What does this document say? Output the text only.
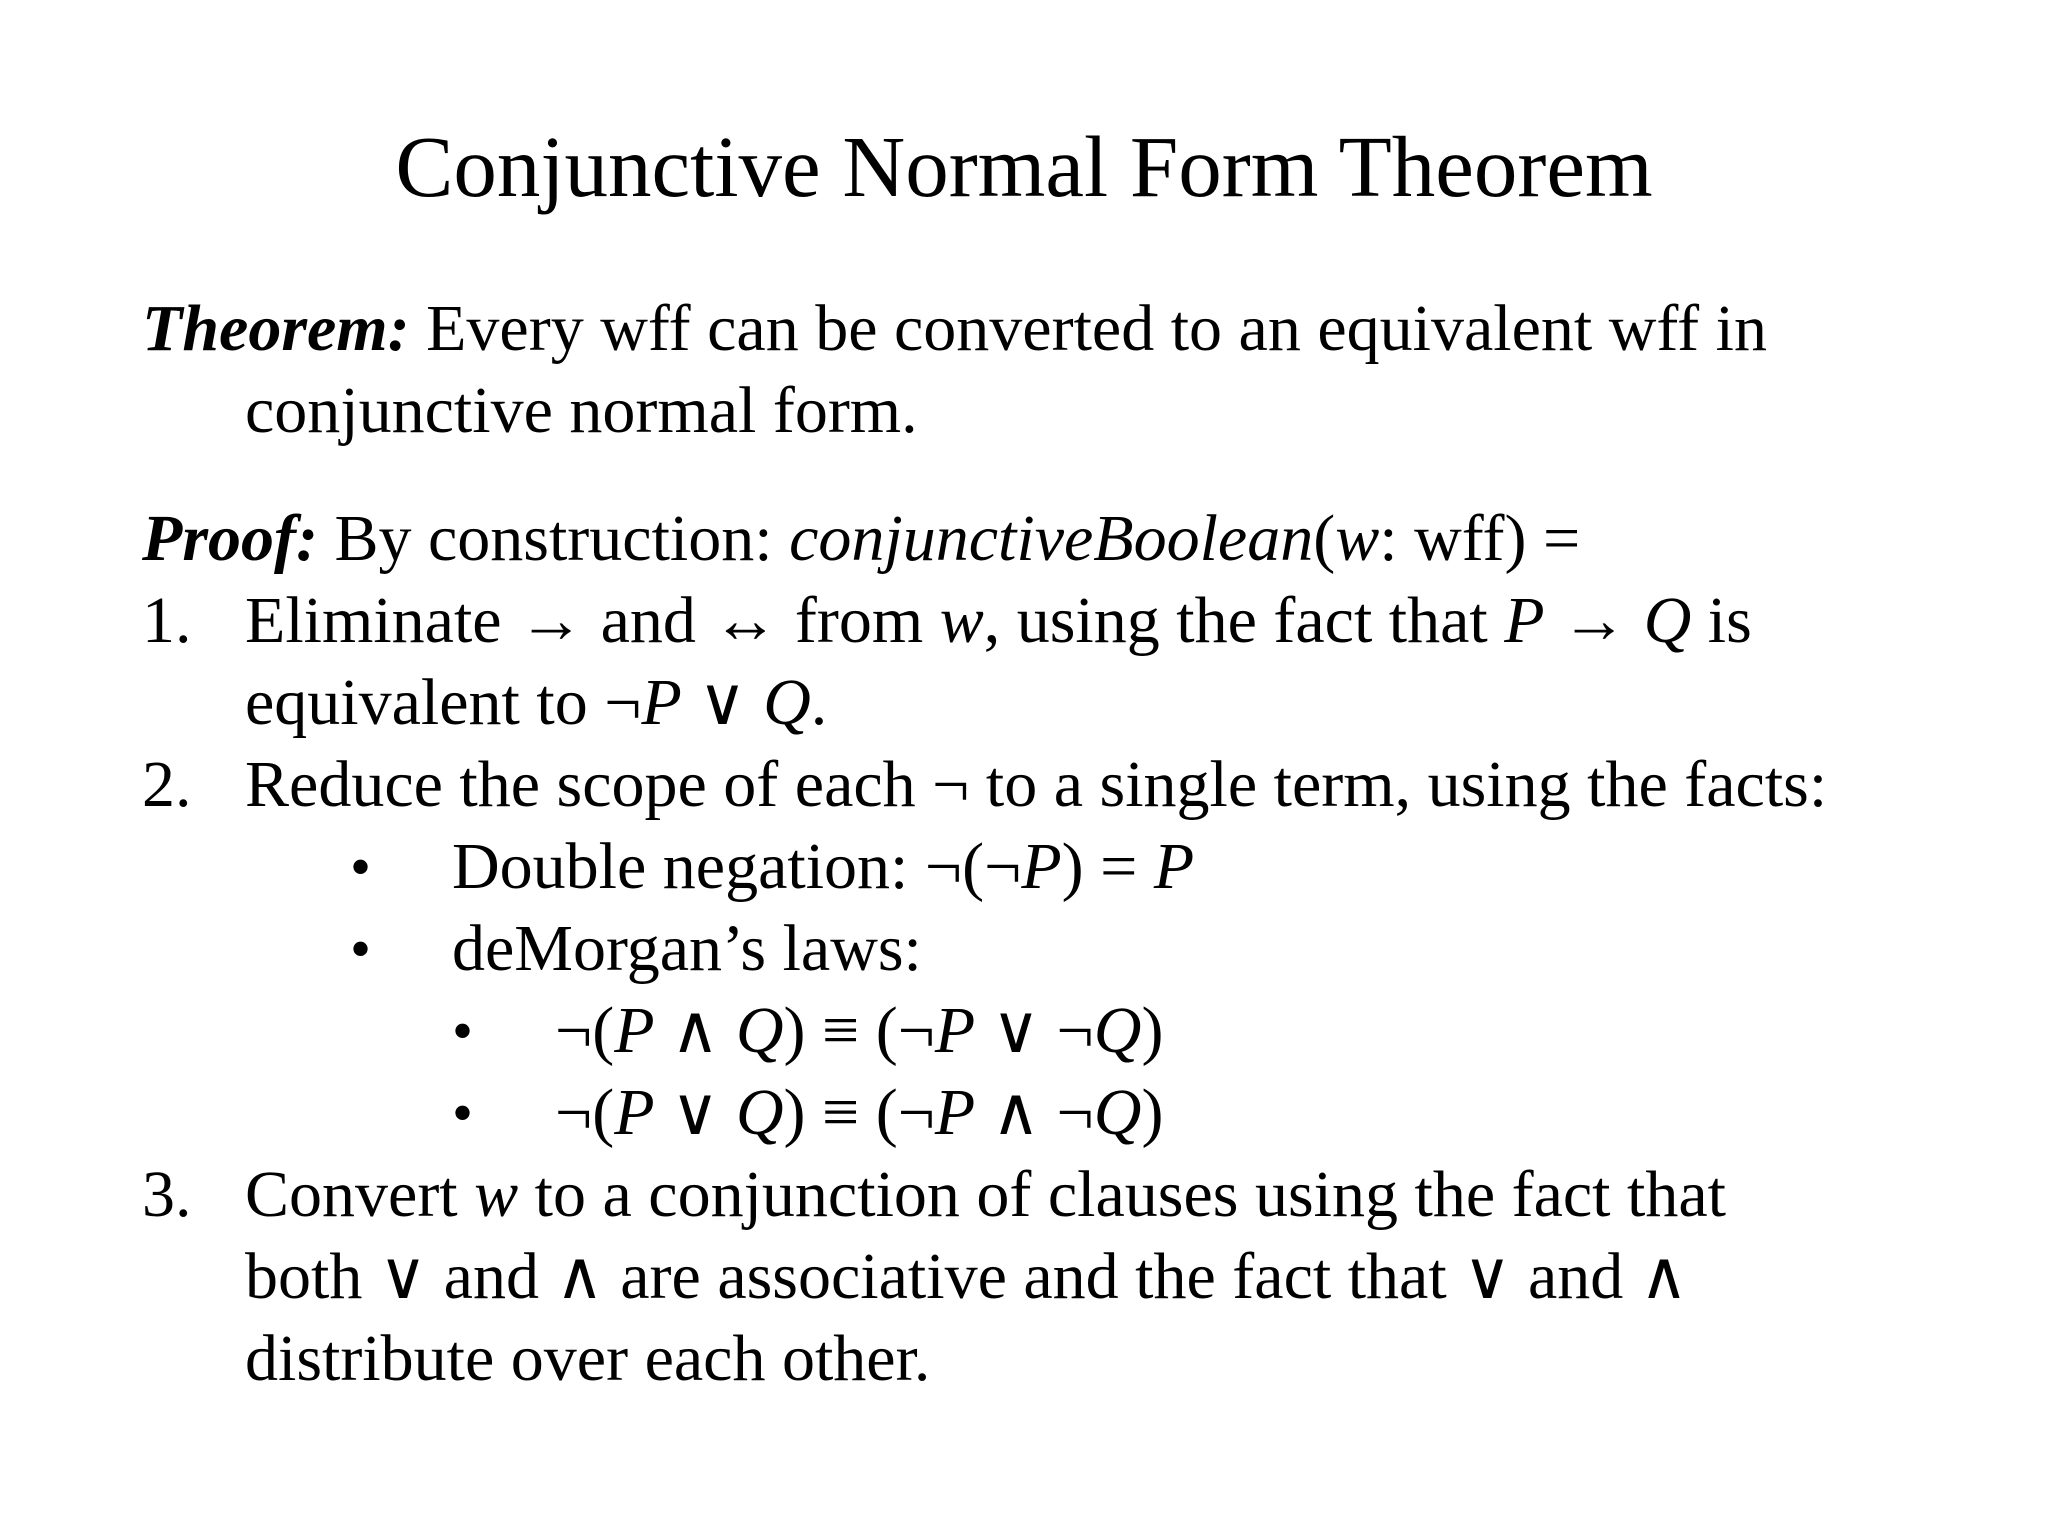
Conjunctive Normal Form Theorem
Theorem: Every wff can be converted to an equivalent wff in
conjunctive normal form.
Proof: By construction: conjunctiveBoolean(w: wff) =
1. Eliminate → and ↔ from w, using the fact that P → Q is
equivalent to ¬P ∨ Q.
2. Reduce the scope of each ¬ to a single term, using the facts:
• Double negation: ¬(¬P) = P
• deMorgan’s laws:
• ¬(P ∧ Q) ≡ (¬P ∨ ¬Q)
• ¬(P ∨ Q) ≡ (¬P ∧ ¬Q)
3. Convert w to a conjunction of clauses using the fact that
both ∨ and ∧ are associative and the fact that ∨ and ∧
distribute over each other.
